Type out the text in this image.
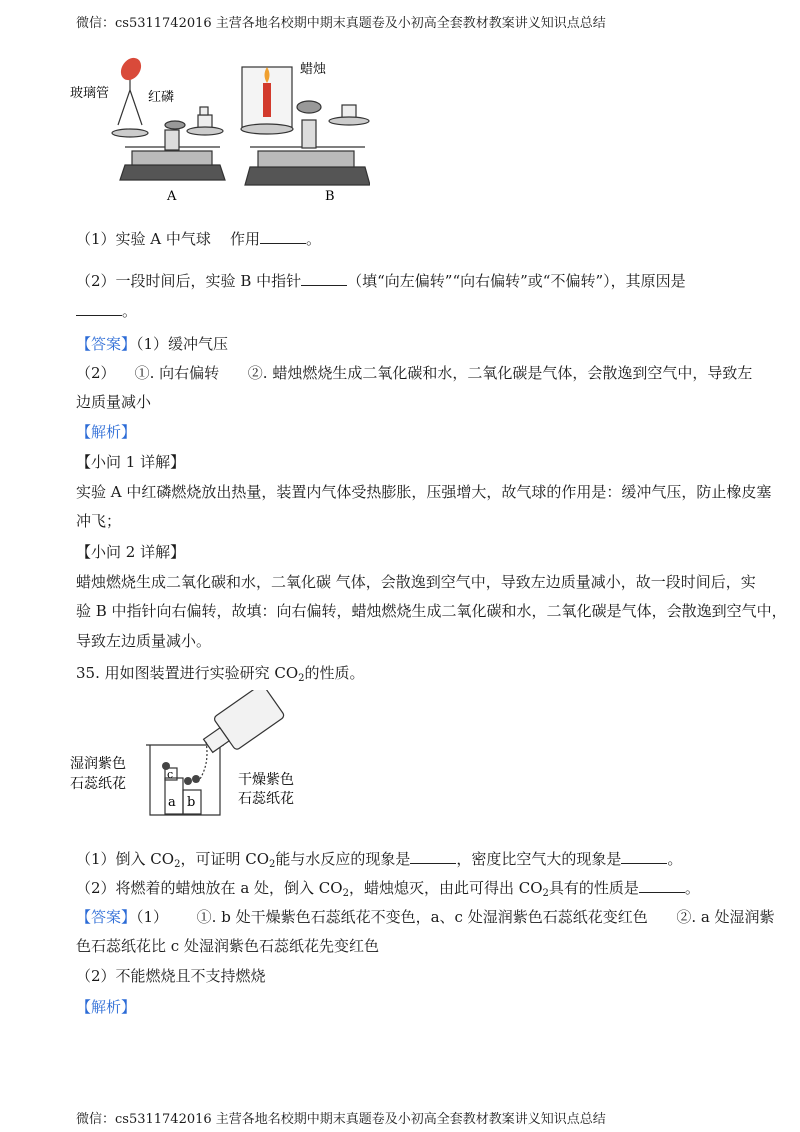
微信：cs5311742016 主营各地名校期中期末真题卷及小初高全套教材教案讲义知识点总结
玻璃管	红磷
A
蜡烛
B
（1）实验 A 中气球 作用	。
（2）一段时间后，实验 B 中指针	（填“向左偏转”“向右偏转”或“不偏转”），其原因是
。
【答案】（1）缓冲气压
（2） ①. 向右偏转 ②. 蜡烛燃烧生成二氧化碳和水，二氧化碳是气体，会散逸到空气中，导致左
边质量减小
【解析】
【小问 1 详解】
实验 A 中红磷燃烧放出热量，装置内气体受热膨胀，压强增大，故气球的作用是：缓冲气压，防止橡皮塞
冲飞；
【小问 2 详解】
蜡烛燃烧生成二氧化碳和水，二氧化碳 气体，会散逸到空气中，导致左边质量减小，故一段时间后，实
验 B 中指针向右偏转，故填：向右偏转，蜡烛燃烧生成二氧化碳和水，二氧化碳是气体，会散逸到空气中，
导致左边质量减小。
35. 用如图装置进行实验研究 $CO_2$的性质。
湿润紫色
石蕊纸花	干燥紫色
石蕊纸花
a b
c
（1）倒入 $CO_2$，可证明 $CO_2$能与水反应的现象是	，密度比空气大的现象是	。
（2）将燃着的蜡烛放在 a 处，倒入 $CO_2$，蜡烛熄灭，由此可得出 $CO_2$具有的性质是	。
【答案】（1） ①. b 处干燥紫色石蕊纸花不变色，a、c 处湿润紫色石蕊纸花变红色 ②. a 处湿润紫
色石蕊纸花比 c 处湿润紫色石蕊纸花先变红色
（2）不能燃烧且不支持燃烧
【解析】
微信：cs5311742016 主营各地名校期中期末真题卷及小初高全套教材教案讲义知识点总结
